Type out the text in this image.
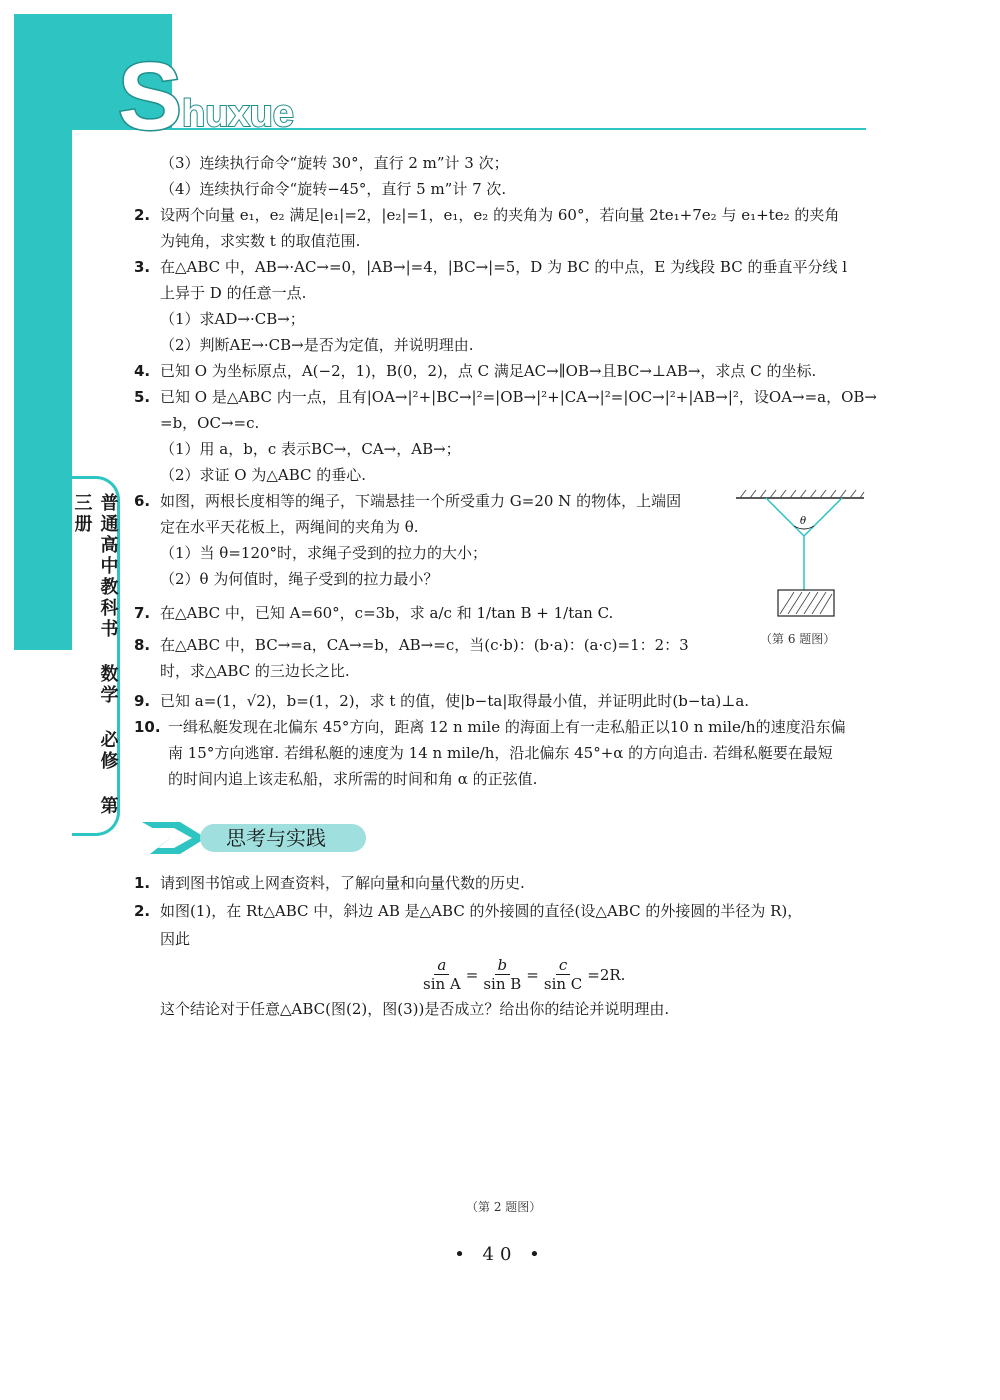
Shuxue
普通高中教科书 数学 必修 第三册
（3）连续执行命令“旋转 30°，直行 2 m”计 3 次；
（4）连续执行命令“旋转−45°，直行 5 m”计 7 次.
2. 设两个向量 e₁，e₂ 满足|e₁|=2，|e₂|=1，e₁，e₂ 的夹角为 60°，若向量 2te₁+7e₂ 与 e₁+te₂ 的夹角
为钝角，求实数 t 的取值范围.
3. 在△ABC 中，AB→·AC→=0，|AB→|=4，|BC→|=5，D 为 BC 的中点，E 为线段 BC 的垂直平分线 l
上异于 D 的任意一点.
（1）求AD→·CB→；
（2）判断AE→·CB→是否为定值，并说明理由.
4. 已知 O 为坐标原点，A(−2，1)，B(0，2)，点 C 满足AC→∥OB→且BC→⊥AB→，求点 C 的坐标.
5. 已知 O 是△ABC 内一点，且有|OA→|²+|BC→|²=|OB→|²+|CA→|²=|OC→|²+|AB→|²，设OA→=a，OB→
=b，OC→=c.
（1）用 a，b，c 表示BC→，CA→，AB→；
（2）求证 O 为△ABC 的垂心.
6. 如图，两根长度相等的绳子，下端悬挂一个所受重力 G=20 N 的物体，上端固
定在水平天花板上，两绳间的夹角为 θ.
（1）当 θ=120°时，求绳子受到的拉力的大小；
（2）θ 为何值时，绳子受到的拉力最小？
7. 在△ABC 中，已知 A=60°，c=3b，求 a/c 和 1/tan B + 1/tan C.
8. 在△ABC 中，BC→=a，CA→=b，AB→=c，当(c·b)：(b·a)：(a·c)=1：2：3
时，求△ABC 的三边长之比.
9. 已知 a=(1，√2)，b=(1，2)，求 t 的值，使|b−ta|取得最小值，并证明此时(b−ta)⊥a.
10. 一缉私艇发现在北偏东 45°方向，距离 12 n mile 的海面上有一走私船正以10 n mile/h的速度沿东偏
南 15°方向逃窜. 若缉私艇的速度为 14 n mile/h，沿北偏东 45°+α 的方向追击. 若缉私艇要在最短
的时间内追上该走私船，求所需的时间和角 α 的正弦值.
θ
（第 6 题图）
思考与实践
1. 请到图书馆或上网查资料，了解向量和向量代数的历史.
2. 如图(1)，在 Rt△ABC 中，斜边 AB 是△ABC 的外接圆的直径(设△ABC 的外接圆的半径为 R)，
因此
$\frac{a}{\text{sin A}} = \frac{b}{\text{sin B}} = \frac{c}{\text{sin C}} =2R$.
这个结论对于任意△ABC(图(2)，图(3))是否成立？给出你的结论并说明理由.
（第 2 题图）
• 40 •
